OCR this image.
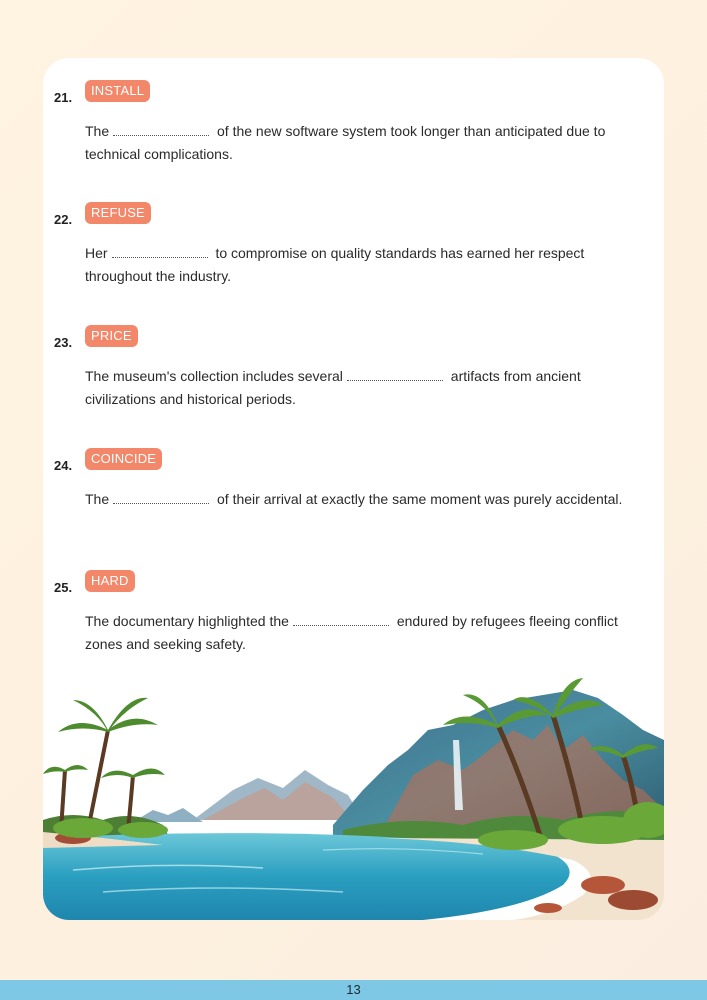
21.	INSTALL
The	of the new software system took longer than anticipated due to technical complications.
22.	REFUSE
Her	to compromise on quality standards has earned her respect throughout the industry.
23.	PRICE
The museum's collection includes several	artifacts from ancient civilizations and historical periods.
24.	COINCIDE
The	of their arrival at exactly the same moment was purely accidental.
25.	HARD
The documentary highlighted the	endured by refugees fleeing conflict zones and seeking safety.
13
